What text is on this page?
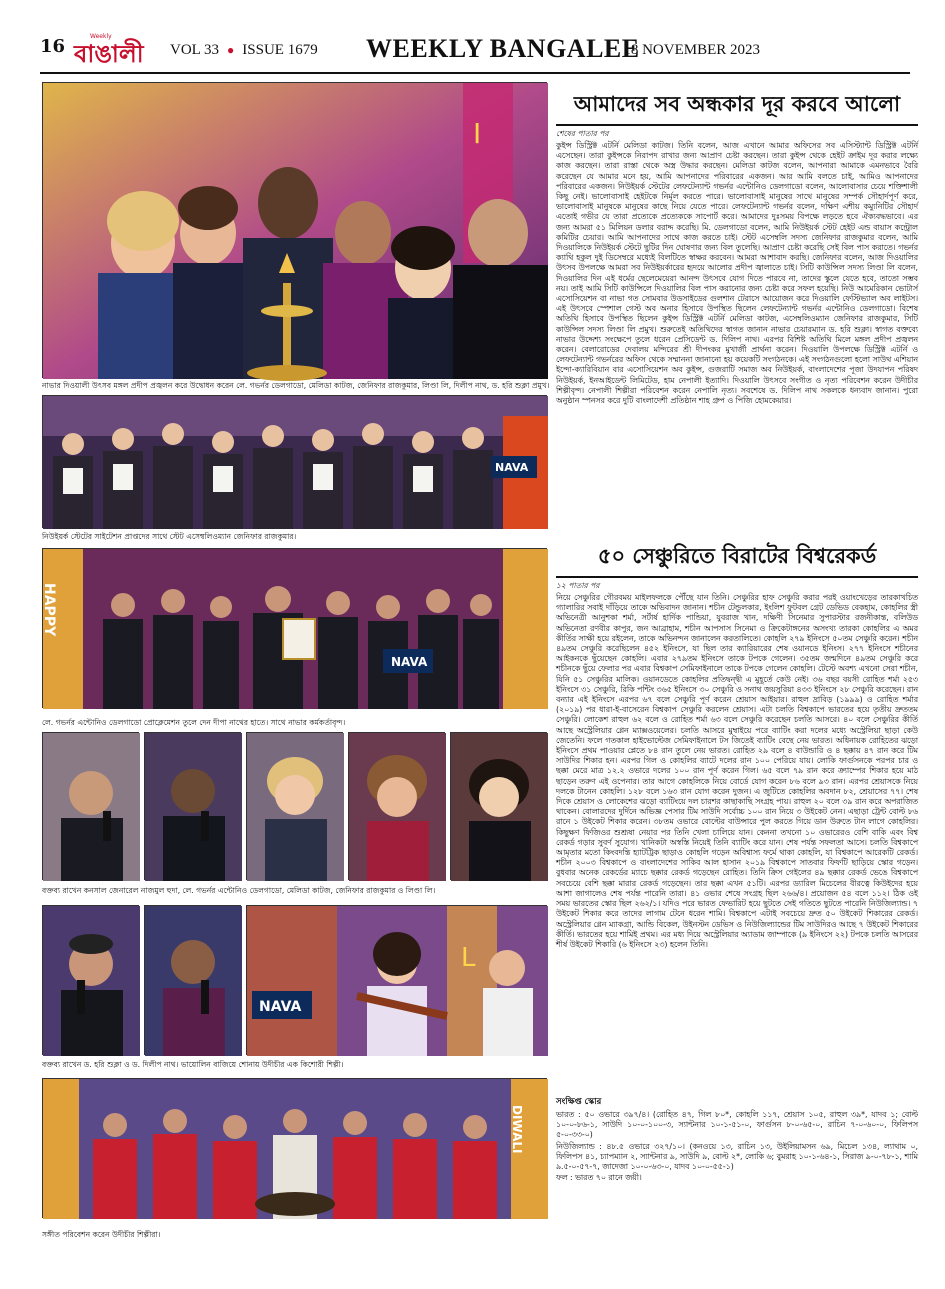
16	Weekly
বাঙালী VOL 33 ● ISSUE 1679 WEEKLY BANGALEE
18 NOVEMBER 2023
I
নাভার দিওয়ালী উৎসব মঙ্গল প্রদীপ প্রজ্বলন করে উদ্বোধন করেন লে. গভর্নর ডেলগাডো, মেলিডা কাটজ, জেনিফার রাজকুমার, লিণ্ডা লি, দিলীপ নাথ, ড. হরি শুক্লা প্রমুখ।
NAVA
নিউইয়র্ক স্টেটের সাইটেশন প্রাপ্তদের সাথে স্টেট এসেম্বলিওম্যান জেনিফার রাজকুমার।
HAPPY
NAVA
লে. গভর্নর এন্টোনিও ডেলগাডো প্রোক্লেমেশন তুলে দেন দীপা নাথের হাতে। সাথে নাভার কর্মকর্তাবৃন্দ।
বক্তব্য রাখেন কনসাল জেনারেল নাজমুল হুদা, লে. গভর্নর এন্টোনিও ডেলগাডো, মেলিডা কাটজ, জেনিফার রাজকুমার ও লিণ্ডা লি।
L
NAVA
বক্তব্য রাখেন ড. হরি শুক্লা ও ড. দিলীপ নাথ। ভায়োলিন বাজিয়ে শোনায় উদীচীর এক কিশোরী শিল্পী।
DIWALI
সঙ্গীত পরিবেশন করেন উদীচীর শিল্পীরা।
আমাদের সব অন্ধকার দূর করবে আলো
শেষের পাতার পর
কুইন্স ডিস্ট্রিক্ট এটর্নি মেলিডা কাটজ। তিনি বলেন, আজ এখানে আমার অফিসের সব এসিস্ট্যান্ট ডিস্ট্রিক্ট এটর্নি এসেছেন। তারা কুইন্সকে নিরাপদ রাখার জন্য আপ্রাণ চেষ্টা করছেন। তারা কুইন্স থেকে হেইট ক্রাইম দূর করার লক্ষ্যে কাজ করছেন। তারা রাস্তা থেকে অস্ত্র উদ্ধার করছেন। মেলিডা কাটজ বলেন, আপনারা আমাকে এমনভাবে বৈরি করেছেন যে আমার মনে হয়, আমি আপনাদের পরিবারের একজন। আর আমি বলতে চাই, আমিও আপনাদের পরিবারের একজন। নিউইয়র্ক স্টেটের লেফটেন্যান্ট গভর্নর এন্টোনিও ডেলগাডো বলেন, আলোবাসার চেয়ে শক্তিশালী কিছু নেই। ভালোবাসাই হেইটকে নির্মূল করতে পারে। ভালোবাসাই মানুষের সাথে মানুষের সম্পর্ক সৌহার্দপূর্ণ করে, ভালোবাসাই মানুষকে মানুষের কাছে নিয়ে যেতে পারে। লেফটেন্যান্ট গভর্নর বলেন, দক্ষিণ এশীয় কম্যুনিটির সৌহার্দ এতোই গভীর যে তারা প্রত্যেকে প্রত্যেককে সাপোর্ট করে। আমাদের দুঃসময় বিপক্ষে লড়তে হবে ঐক্যবদ্ধভাবে। এর জন্য আমরা ৫১ মিলিয়ন ডলার বরাদ্দ করেছি। মি. ডেলগাডো বলেন, আমি নিউইয়র্ক স্টেট হেইট এন্ড বায়াস কন্ট্রোল কমিটির চেয়ার। আমি আপনাদের সাথে কাজ করতে চাই। স্টেট এসেম্বলি সদস্য জেনিফার রাজকুমার বলেন, আমি দিওয়ালিকে নিউইয়র্ক স্টেটে ছুটির দিন ঘোষণার জন্য বিল তুলেছি। আপ্রাণ চেষ্টা করেছি সেই বিল পাস করাতে। গভর্নর ক্যাথি হকুল দুই ডিসেম্বরে মধ্যেই বিলটিতে স্বাক্ষর করবেন। আমরা আশাবাদ করছি। জেনিফার বলেন, আজ দিওয়ালির উৎসব উপলক্ষে আমরা সব নিউইয়র্কারের হৃদয়ে আলোর প্রদীপ জ্বালাতে চাই। সিটি কাউন্সিল সদস্য লিণ্ডা লি বলেন, দিওয়ালির দিন এই ধর্মের ছেলেমেয়েরা আনন্দ উৎসবে যোগ দিতে পারবে না, তাদের স্কুলে যেতে হবে, তাতো সম্ভব নয়। তাই আমি সিটি কাউন্সিলে দিওয়ালির বিল পাস করানোর জন্য চেষ্টা করে সফল হয়েছি। নিউ আমেরিকান ভোটার্স এসোসিয়েশন বা নাভা গত সোমবার উডসাইডের গুলশান টেরাসে আয়োজন করে দিওয়ালি ফেস্টিভ্যাল অব লাইটস। এই উৎসবে স্পেশাল গেস্ট অব অনার হিসাবে উপস্থিত ছিলেন লেফটেন্যান্ট গভর্নর এন্টোনিও ডেলগাডো। বিশেষ অতিথি হিসাবে উপস্থিত ছিলেন কুইন্স ডিস্ট্রিক্ট এটর্নি মেলিডা কাটজ, এসেম্বলিওম্যান জেনিফার রাজকুমার, সিটি কাউন্সিল সদস্য লিণ্ডা লি প্রমুখ। শুরুতেই অতিথিদের স্বাগত জানান নাভার চেয়ারম্যান ড. হরি শুক্লা। স্বাগত বক্তব্যে নাভার উদ্দেশ্য সংক্ষেপে তুলে ধরেন প্রেসিডেন্ট ড. দিলিপ নাথ। এরপর বিশিষ্ট অতিথি মিলে মঙ্গল প্রদীপ প্রজ্বলন করেন। বেলারোডের দেবালয় মন্দিরের শ্রী দীপংকর মুখার্জী প্রার্থনা করেন। দিওয়ালি উপলক্ষে ডিস্ট্রিক্ট এটর্নি ও লেফটেন্যান্ট গভর্নরের অফিস থেকে সম্মাননা জানানো হয় কয়েকটি সংগঠনকে। এই সংগঠনগুলো হলো সাউথ এশিয়ান ইন্দো-ক্যারিবিয়ান বার এসোসিয়েশন অব কুইন্স, গুজরাটি সমাজ অব নিউইয়র্ক, বাংলাদেশের পূজা উদযাপন পরিষদ নিউইয়র্ক, ইনআইডেন্ট লিমিটেড, হাম নেপালী ইত্যাদি। দিওয়ালি উৎসবে সংগীত ও নৃত্য পরিবেশন করেন উদীচীর শিল্পীবৃন্দ। নেপালী শিল্পীরা পরিবেশন করেন নেপালি নৃত্য। সবশেষে ড. দিলিপ নাথ সকলকে ধন্যবাদ জানান। পুরো অনুষ্ঠান স্পনসর করে দুটি বাংলাদেশী প্রতিষ্ঠান শাহ গ্রুপ ও পিজি হোমকেয়ার।
৫০ সেঞ্চুরিতে বিরাটের বিশ্বরেকর্ড
১২ পাতার পর
নিয়ে সেঞ্চুরির গৌরবময় মাইলফলকে পৌঁছে যান তিনি। সেঞ্চুরির হাফ সেঞ্চুরি করার পরই ওয়াংখেড়ের তারকাখচিত গ্যালারির সবাই দাঁড়িয়ে তাকে অভিবাদন জানান। শচীন টেন্ডুলকার, ইংলিশ ফুটবল গ্রেট ডেভিড বেকহাম, কোহলির স্ত্রী অভিনেত্রী আনুশকা শর্মা, সর্টার্ষ হার্দিক পান্ডিয়া, যুবরাজ খান, দক্ষিণী সিনেমার সুপারস্টার রজনীকান্ত, বলিউড অভিনেতা রণবীর কাপুর, জন আব্রাহাম, শচীন আপসাস সিনেমা ও ক্রিকেটাঙ্গনের অসংখ্য তারকা কোহলির এ অমর কীর্তির সাক্ষী হয়ে রইলেন, তাকে অভিনন্দন জানালেন করতালিতে। কোহলি ২৭৯ ইনিংসে ৫০তম সেঞ্চুরি করেন। শচীন ৪৯তম সেঞ্চুরি করেছিলেন ৪৫২ ইনিংসে, যা ছিল তার ক্যারিয়ারের শেষ ওয়ানডে ইনিংস। ২৭৭ ইনিংসে শচীনের আইকনকে ছুঁয়েছেন কোহলি। এবার ২৭৯তম ইনিংসে তাকে টপকে গেলেন। ৩৫তম জন্মদিনে ৪৯তম সেঞ্চুরি করে শচীনকে ছুঁয়ে ফেলার পর এবার বিশ্বকাপ সেমিফাইনালে তাকে টপকে গেলেন কোহলি। টেস্টে অবশ্য এখনো সেরা শচীন, যিনি ৫১ সেঞ্চুরির মালিক। ওয়ানডেতে কোহলির প্রতিদ্বন্দ্বী এ মুহূর্তে কেউ নেই। ৩৬ বছর বয়সী রোহিত শর্মা ২৫৩ ইনিংসে ৩১ সেঞ্চুরি, রিকি পন্টিং ৩৬৫ ইনিংসে ৩০ সেঞ্চুরি ও সনাথ জয়সুরিয়া ৪৩৩ ইনিংসে ২৮ সেঞ্চুরি করেছেন। রান বন্যার এই ইনিংসে এরপর ৬৭ বলে সেঞ্চুরি পূর্ণ করেন শ্রেয়াস আইয়ার। রাহুল দ্রাবিড় (১৯৯৯) ও রোহিত শর্মার (২০১৯) পর ধারা-ই-বাসেরেন বিশ্বকাপ সেঞ্চুরি করলেন শ্রেয়াস। এটা চলতি বিশ্বকাপে ভারতের হয়ে তৃতীয় দ্রুততম সেঞ্চুরি। লোকেশ রাহুল ৬২ বলে ও রোহিত শর্মা ৬৩ বলে সেঞ্চুরি করেছেন চলতি আসরে। ৪০ বলে সেঞ্চুরির কীর্তি আছে অস্ট্রেলিয়ার গ্লেন ম্যাক্সওয়েলের। চলতি আসরে মুম্বাইয়ে পরে ব্যাটিং করা দলের মধ্যে অস্ট্রেলিয়া ছাড়া কেউ জেতেনি। ফলে গতকাল হাইভোল্টেজ সেমিফাইনালে টস জিতেই ব্যাটিং বেছে নেয় ভারত। অধিনায়ক রোহিতের ঝড়ো ইনিংসে প্রথম পাওয়ার প্লেতে ৮৪ রান তুলে নেয় ভারত। রোহিত ২৯ বলে ৪ বাউন্ডারি ও ৪ ছক্কায় ৪৭ রান করে টিম সাউদির শিকার হন। এরপর গিল ও কোহলির ব্যাটে দলের রান ১০০ পেরিয়ে যায়। লোকি ফার্গুসনকে পরপর চার ও ছক্কা মেরে মাত্র ১২.২ ওভারে দলের ১০০ রান পূর্ণ করেন গিল। ৬৫ বলে ৭৯ রান করে ক্র্যাম্পের শিকার হয়ে মাঠ ছাড়েন তরুণ এই ওপেনার। তার আগে কোহলিকে নিয়ে বোর্ডে যোগ করেন ৮৬ বলে ৯৩ রান। এরপর শ্রেয়াসকে নিয়ে দলকে টানেন কোহলি। ১২৮ বলে ১৬৩ রান যোগ করেন দুজন। এ জুটিতে কোহলির অবদান ৮২, শ্রেয়াসের ৭৭। শেষ দিকে শ্রেয়াস ও লোকেশের ঝড়ো ব্যাটিংয়ে দল চারশর কাছাকাছি সংগ্রহ পায়। রাহুল ২০ বলে ৩৯ রান করে অপরাজিত থাকেন। বোলারদের দুর্দিনে অভিজ্ঞ পেসার টিম সাউদি সর্বোচ্চ ১০০ রান নিয়ে ৩ উইকেট নেন। এছাড়া ট্রেন্ট বোল্ট ৮৬ রানে ১ উইকেট শিকার করেন। ৩৮তম ওভারে বোল্টের বাউন্সারে পুল করতে গিয়ে ডান উরুতে টান লাগে কোহলির। কিছুক্ষণ ফিজিওর শুশ্রূষা নেয়ার পর তিনি খেলা চালিয়ে যান। কেননা তখনো ১০ ওভারেরও বেশি বাকি এবং বিশ্ব রেকর্ড গড়ার সুবর্ণ সুযোগ। খানিকটা অস্বস্তি নিয়েই তিনি ব্যাটিং করে যান। শেষ পর্যন্ত সফলতা আসে। চলতি বিশ্বকাপে আমৃতার মতো কিংবদন্তি হ্যাটট্রিক ছাড়াও কোহলি গড়েন অবিশ্বাস্য ফর্মে থাকা কোহলি, যা বিশ্বকাপে আরেকটি রেকর্ড। শচীন ২০০৩ বিশ্বকাপে ও বাংলাদেশের সাকিব আল হাসান ২০১৯ বিশ্বকাপে সাতবার ফিফটি ছাড়িয়ে স্কোর গড়েন। বুধবার অনেক রেকর্ডের ম্যাচে ছক্কার রেকর্ড গড়েছেন রোহিত। তিনি ক্রিস গেইলের ৪৯ ছক্কার রেকর্ড ভেঙে বিশ্বকাপে সবচেয়ে বেশি ছক্কা মারার রেকর্ড গড়েছেন। তার ছক্কা এখন ৫১টি। এরপর ড্যারিল মিচেলের বীরত্বে কিউইদের হয়ে আশা জাগালেও শেষ পর্যন্ত পারেনি তারা। ৪১ ওভার শেষে সংগ্রহ ছিল ২৬৬/৪। প্রয়োজন ৫৪ বলে ১১২। ঠিক ওই সময় ভারতের স্কোর ছিল ২৬২/১। যদিও পরে ভারত ফেভারিট হয়ে ছুটতে সেই গতিতে ছুটতে পারেনি নিউজিল্যান্ড। ৭ উইকেট শিকার করে তাদের লাগাম টেনে ধরেন শামি। বিশ্বকাপে এটাই সবচেয়ে দ্রুত ৫০ উইকেট শিকারের রেকর্ড। অস্ট্রেলিয়ার গ্লেন ম্যাকগ্রা, আন্ডি বিকেল, উইনস্টন ডেভিস ও নিউজিল্যান্ডের টিম সাউদিরও আছে ৭ উইকেট শিকারের কীর্তি। ভারতের হয়ে শামিই প্রথম। এর মধ্য দিয়ে অস্ট্রেলিয়ার অ্যাডাম জাম্পাকে (৯ ইনিংসে ২২) টপকে চলতি আসরের শীর্ষ উইকেট শিকারি (৬ ইনিংসে ২৩) হলেন তিনি।
সংক্ষিপ্ত স্কোর
ভারত : ৫০ ওভারে ৩৯৭/৪। (রোহিত ৪৭, গিল ৮০*, কোহলি ১১৭, শ্রেয়াস ১০৫, রাহুল ৩৯*, যাদব ১; বোল্ট ১০-০-৮৬-১, সাউদি ১০-০-১০০-৩, স্যান্টনার ১০-১-৫১-০, ফার্গুসন ৮-০-৬৫-০, রাচিন ৭-০-৬০-০, ফিলিপস ৫-০-৩৩-০)
নিউজিল্যান্ড : ৪৮.৫ ওভারে ৩২৭/১০। (কনওয়ে ১৩, রাচিন ১৩, উইলিয়ামসন ৬৯, মিচেল ১৩৪, ল্যাথাম ০, ফিলিপস ৪১, চ্যাপম্যান ২, স্যান্টনার ৯, সাউদি ৯, বোল্ট ২*, লোকি ৬; বুমরাহ ১০-১-৬৪-১, সিরাজ ৯-০-৭৮-১, শামি ৯.৫-০-৫৭-৭, জাদেজা ১০-০-৬৩-০, যাদব ১০-০-৫৫-১)
ফল : ভারত ৭০ রানে জয়ী।
